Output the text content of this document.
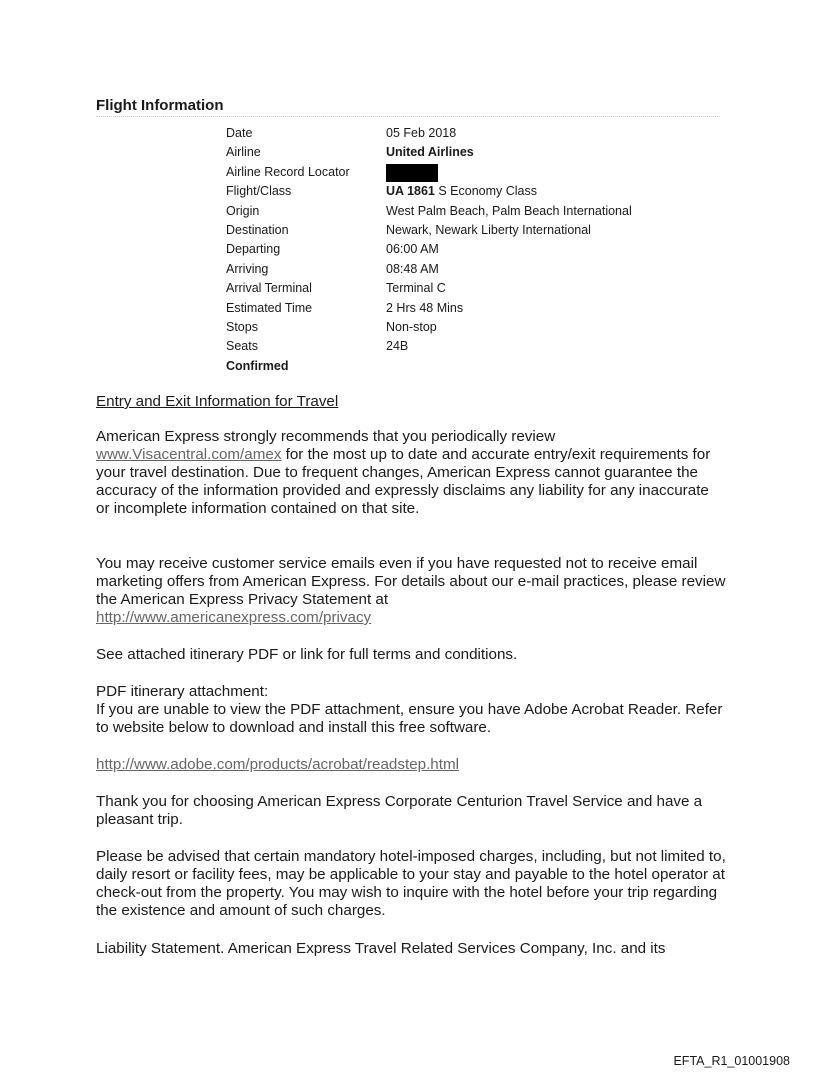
Flight Information
Date	05 Feb 2018
Airline	United Airlines
Airline Record Locator	
Flight/Class	UA 1861 S Economy Class
Origin	West Palm Beach, Palm Beach International
Destination	Newark, Newark Liberty International
Departing	06:00 AM
Arriving	08:48 AM
Arrival Terminal	Terminal C
Estimated Time	2 Hrs 48 Mins
Stops	Non-stop
Seats	24B
Confirmed	
Entry and Exit Information for Travel

American Express strongly recommends that you periodically review
www.Visacentral.com/amex for the most up to date and accurate entry/exit requirements for your travel destination. Due to frequent changes, American Express cannot guarantee the accuracy of the information provided and expressly disclaims any liability for any inaccurate or incomplete information contained on that site.

You may receive customer service emails even if you have requested not to receive email marketing offers from American Express. For details about our e-mail practices, please review the American Express Privacy Statement at
http://www.americanexpress.com/privacy

See attached itinerary PDF or link for full terms and conditions.

PDF itinerary attachment:
If you are unable to view the PDF attachment, ensure you have Adobe Acrobat Reader. Refer to website below to download and install this free software.

http://www.adobe.com/products/acrobat/readstep.html

Thank you for choosing American Express Corporate Centurion Travel Service and have a pleasant trip.

Please be advised that certain mandatory hotel-imposed charges, including, but not limited to, daily resort or facility fees, may be applicable to your stay and payable to the hotel operator at check-out from the property. You may wish to inquire with the hotel before your trip regarding the existence and amount of such charges.

Liability Statement. American Express Travel Related Services Company, Inc. and its

EFTA_R1_01001908
